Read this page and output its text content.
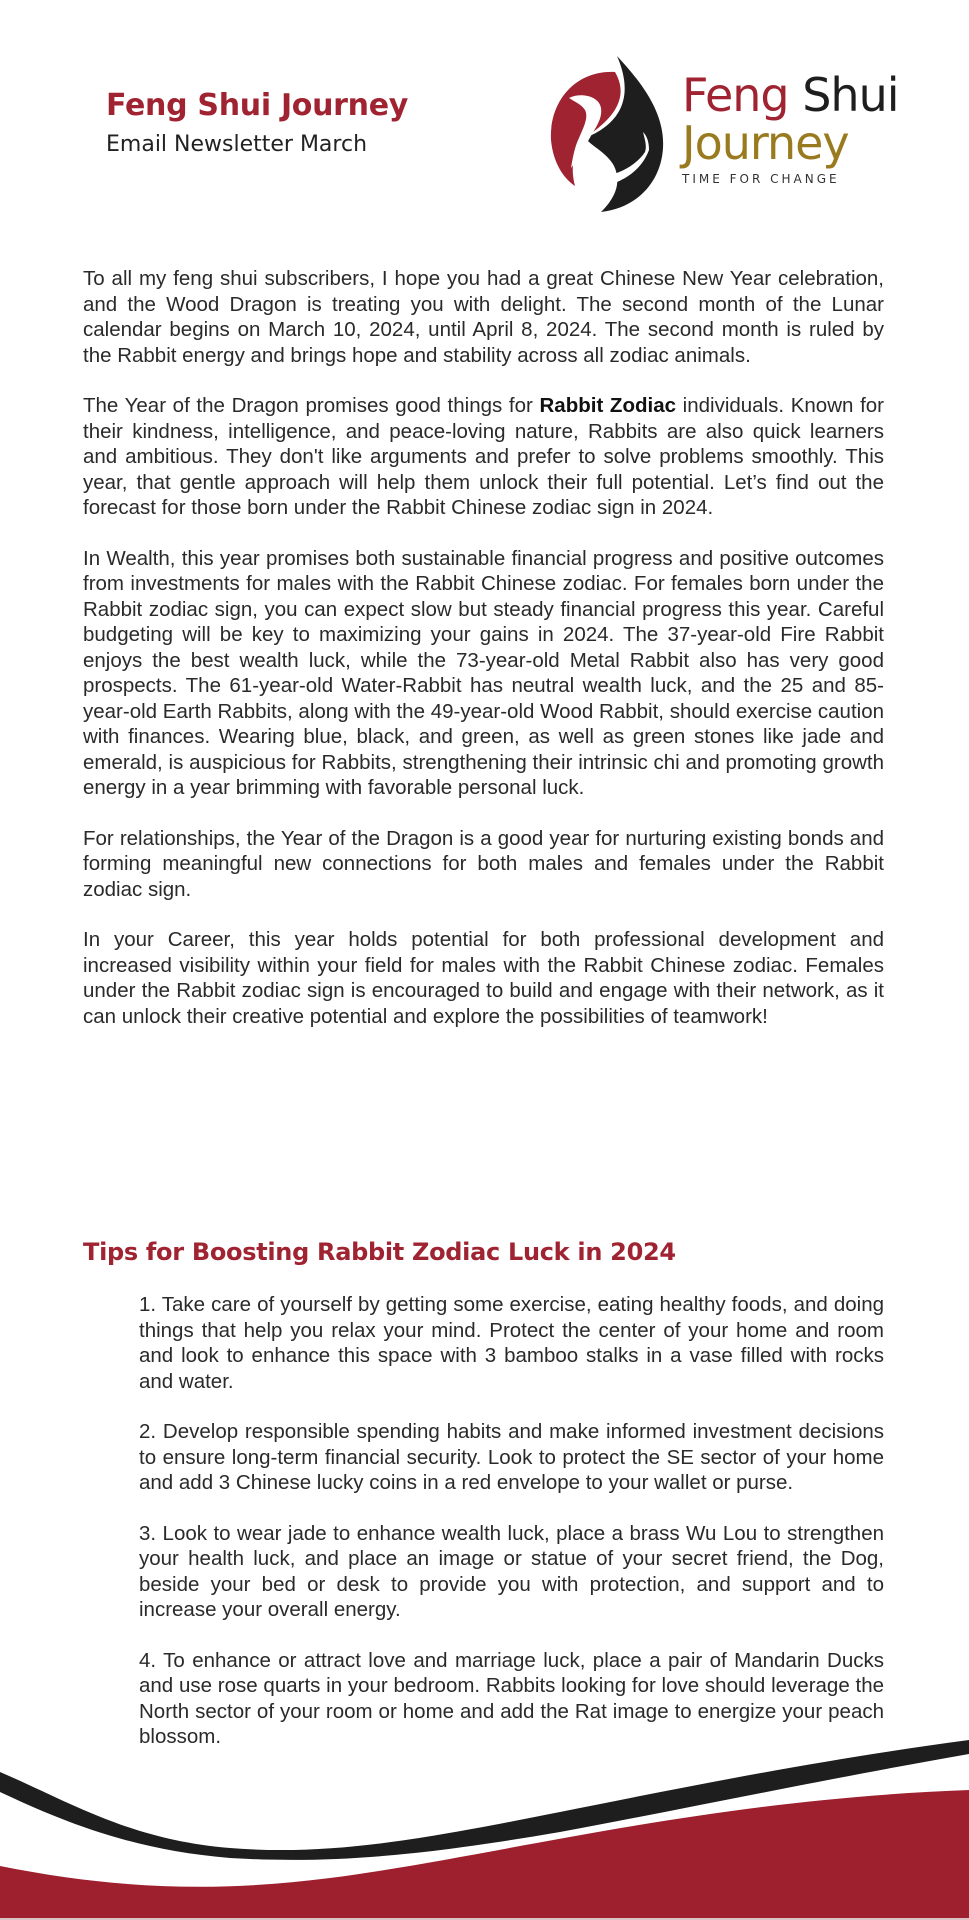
Feng Shui Journey
Email Newsletter March
Feng Shui
Journey
TIME FOR CHANGE

To all my feng shui subscribers, I hope you had a great Chinese New Year celebration, and the Wood Dragon is treating you with delight. The second month of the Lunar calendar begins on March 10, 2024, until April 8, 2024. The second month is ruled by the Rabbit energy and brings hope and stability across all zodiac animals.

The Year of the Dragon promises good things for Rabbit Zodiac individuals. Known for their kindness, intelligence, and peace-loving nature, Rabbits are also quick learners and ambitious. They don't like arguments and prefer to solve problems smoothly. This year, that gentle approach will help them unlock their full potential. Let’s find out the forecast for those born under the Rabbit Chinese zodiac sign in 2024.

In Wealth, this year promises both sustainable financial progress and positive outcomes from investments for males with the Rabbit Chinese zodiac. For females born under the Rabbit zodiac sign, you can expect slow but steady financial progress this year. Careful budgeting will be key to maximizing your gains in 2024. The 37-year-old Fire Rabbit enjoys the best wealth luck, while the 73-year-old Metal Rabbit also has very good prospects. The 61-year-old Water-Rabbit has neutral wealth luck, and the 25 and 85-year-old Earth Rabbits, along with the 49-year-old Wood Rabbit, should exercise caution with finances. Wearing blue, black, and green, as well as green stones like jade and emerald, is auspicious for Rabbits, strengthening their intrinsic chi and promoting growth energy in a year brimming with favorable personal luck.

For relationships, the Year of the Dragon is a good year for nurturing existing bonds and forming meaningful new connections for both males and females under the Rabbit zodiac sign.

In your Career, this year holds potential for both professional development and increased visibility within your field for males with the Rabbit Chinese zodiac. Females under the Rabbit zodiac sign is encouraged to build and engage with their network, as it can unlock their creative potential and explore the possibilities of teamwork!

Tips for Boosting Rabbit Zodiac Luck in 2024
1. Take care of yourself by getting some exercise, eating healthy foods, and doing things that help you relax your mind. Protect the center of your home and room and look to enhance this space with 3 bamboo stalks in a vase filled with rocks and water.
2. Develop responsible spending habits and make informed investment decisions to ensure long-term financial security. Look to protect the SE sector of your home and add 3 Chinese lucky coins in a red envelope to your wallet or purse.
3. Look to wear jade to enhance wealth luck, place a brass Wu Lou to strengthen your health luck, and place an image or statue of your secret friend, the Dog, beside your bed or desk to provide you with protection, and support and to increase your overall energy.
4. To enhance or attract love and marriage luck, place a pair of Mandarin Ducks and use rose quarts in your bedroom. Rabbits looking for love should leverage the North sector of your room or home and add the Rat image to energize your peach blossom.
